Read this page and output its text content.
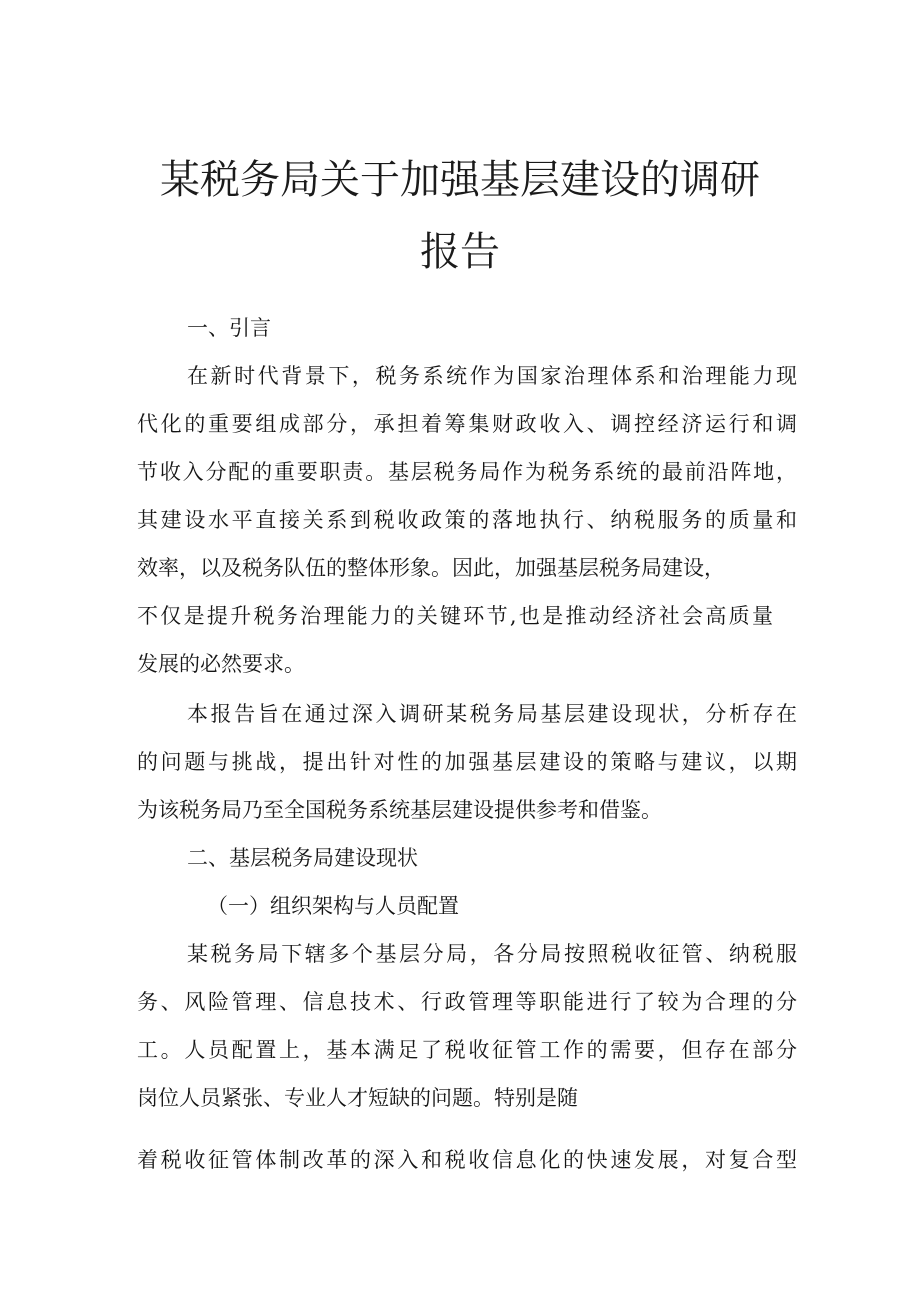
某税务局关于加强基层建设的调研
报告
一、引言
在新时代背景下，税务系统作为国家治理体系和治理能力现
代化的重要组成部分，承担着筹集财政收入、调控经济运行和调
节收入分配的重要职责。基层税务局作为税务系统的最前沿阵地，
其建设水平直接关系到税收政策的落地执行、纳税服务的质量和
效率，以及税务队伍的整体形象。因此，加强基层税务局建设，
不仅是提升税务治理能力的关键环节,也是推动经济社会高质量
发展的必然要求。
本报告旨在通过深入调研某税务局基层建设现状，分析存在
的问题与挑战，提出针对性的加强基层建设的策略与建议，以期
为该税务局乃至全国税务系统基层建设提供参考和借鉴。
二、基层税务局建设现状
（一）组织架构与人员配置
某税务局下辖多个基层分局，各分局按照税收征管、纳税服
务、风险管理、信息技术、行政管理等职能进行了较为合理的分
工。人员配置上，基本满足了税收征管工作的需要，但存在部分
岗位人员紧张、专业人才短缺的问题。特别是随
着税收征管体制改革的深入和税收信息化的快速发展，对复合型
